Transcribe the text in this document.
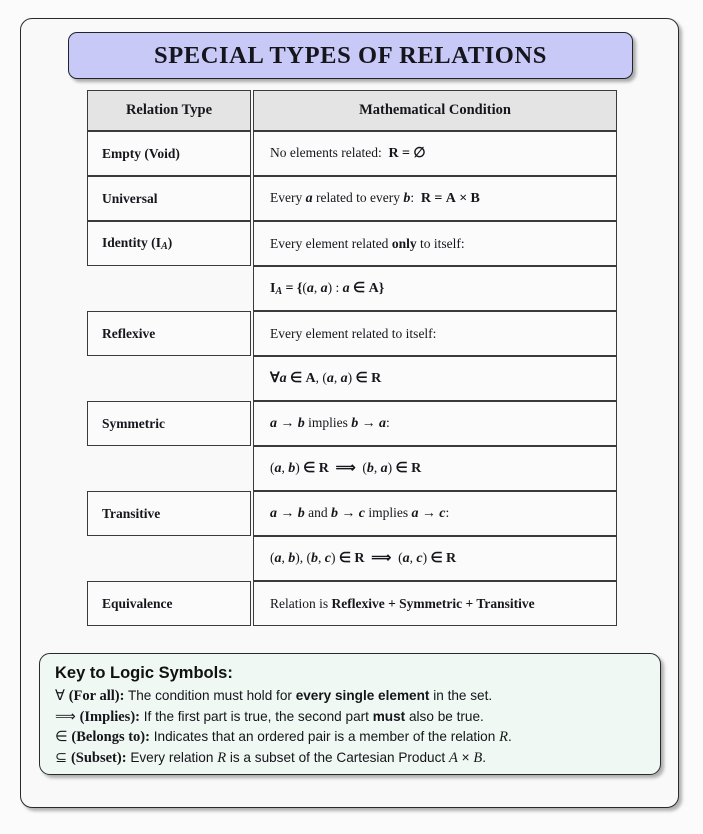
SPECIAL TYPES OF RELATIONS
Relation Type	Mathematical Condition
Empty (Void)	No elements related:  R = ∅
Universal	Every a related to every b:  R = A × B
Identity $(I_A)$	Every element related only to itself:
$I_A = \{(a$, a) : a ∈ A}
Reflexive	Every element related to itself:
∀a ∈ A, (a, a) ∈ R
Symmetric	a → b implies b → a:
(a, b) ∈ R ⟹  (b, a) ∈ R
Transitive	a → b and b → c implies a → c:
(a, b), (b, c) ∈ R ⟹  (a, c) ∈ R
Equivalence	Relation is Reflexive + Symmetric + Transitive
Key to Logic Symbols:
∀ (For all): The condition must hold for every single element in the set.
⟹ (Implies): If the first part is true, the second part must also be true.
∈ (Belongs to): Indicates that an ordered pair is a member of the relation R.
⊆ (Subset): Every relation R is a subset of the Cartesian Product A × B.
